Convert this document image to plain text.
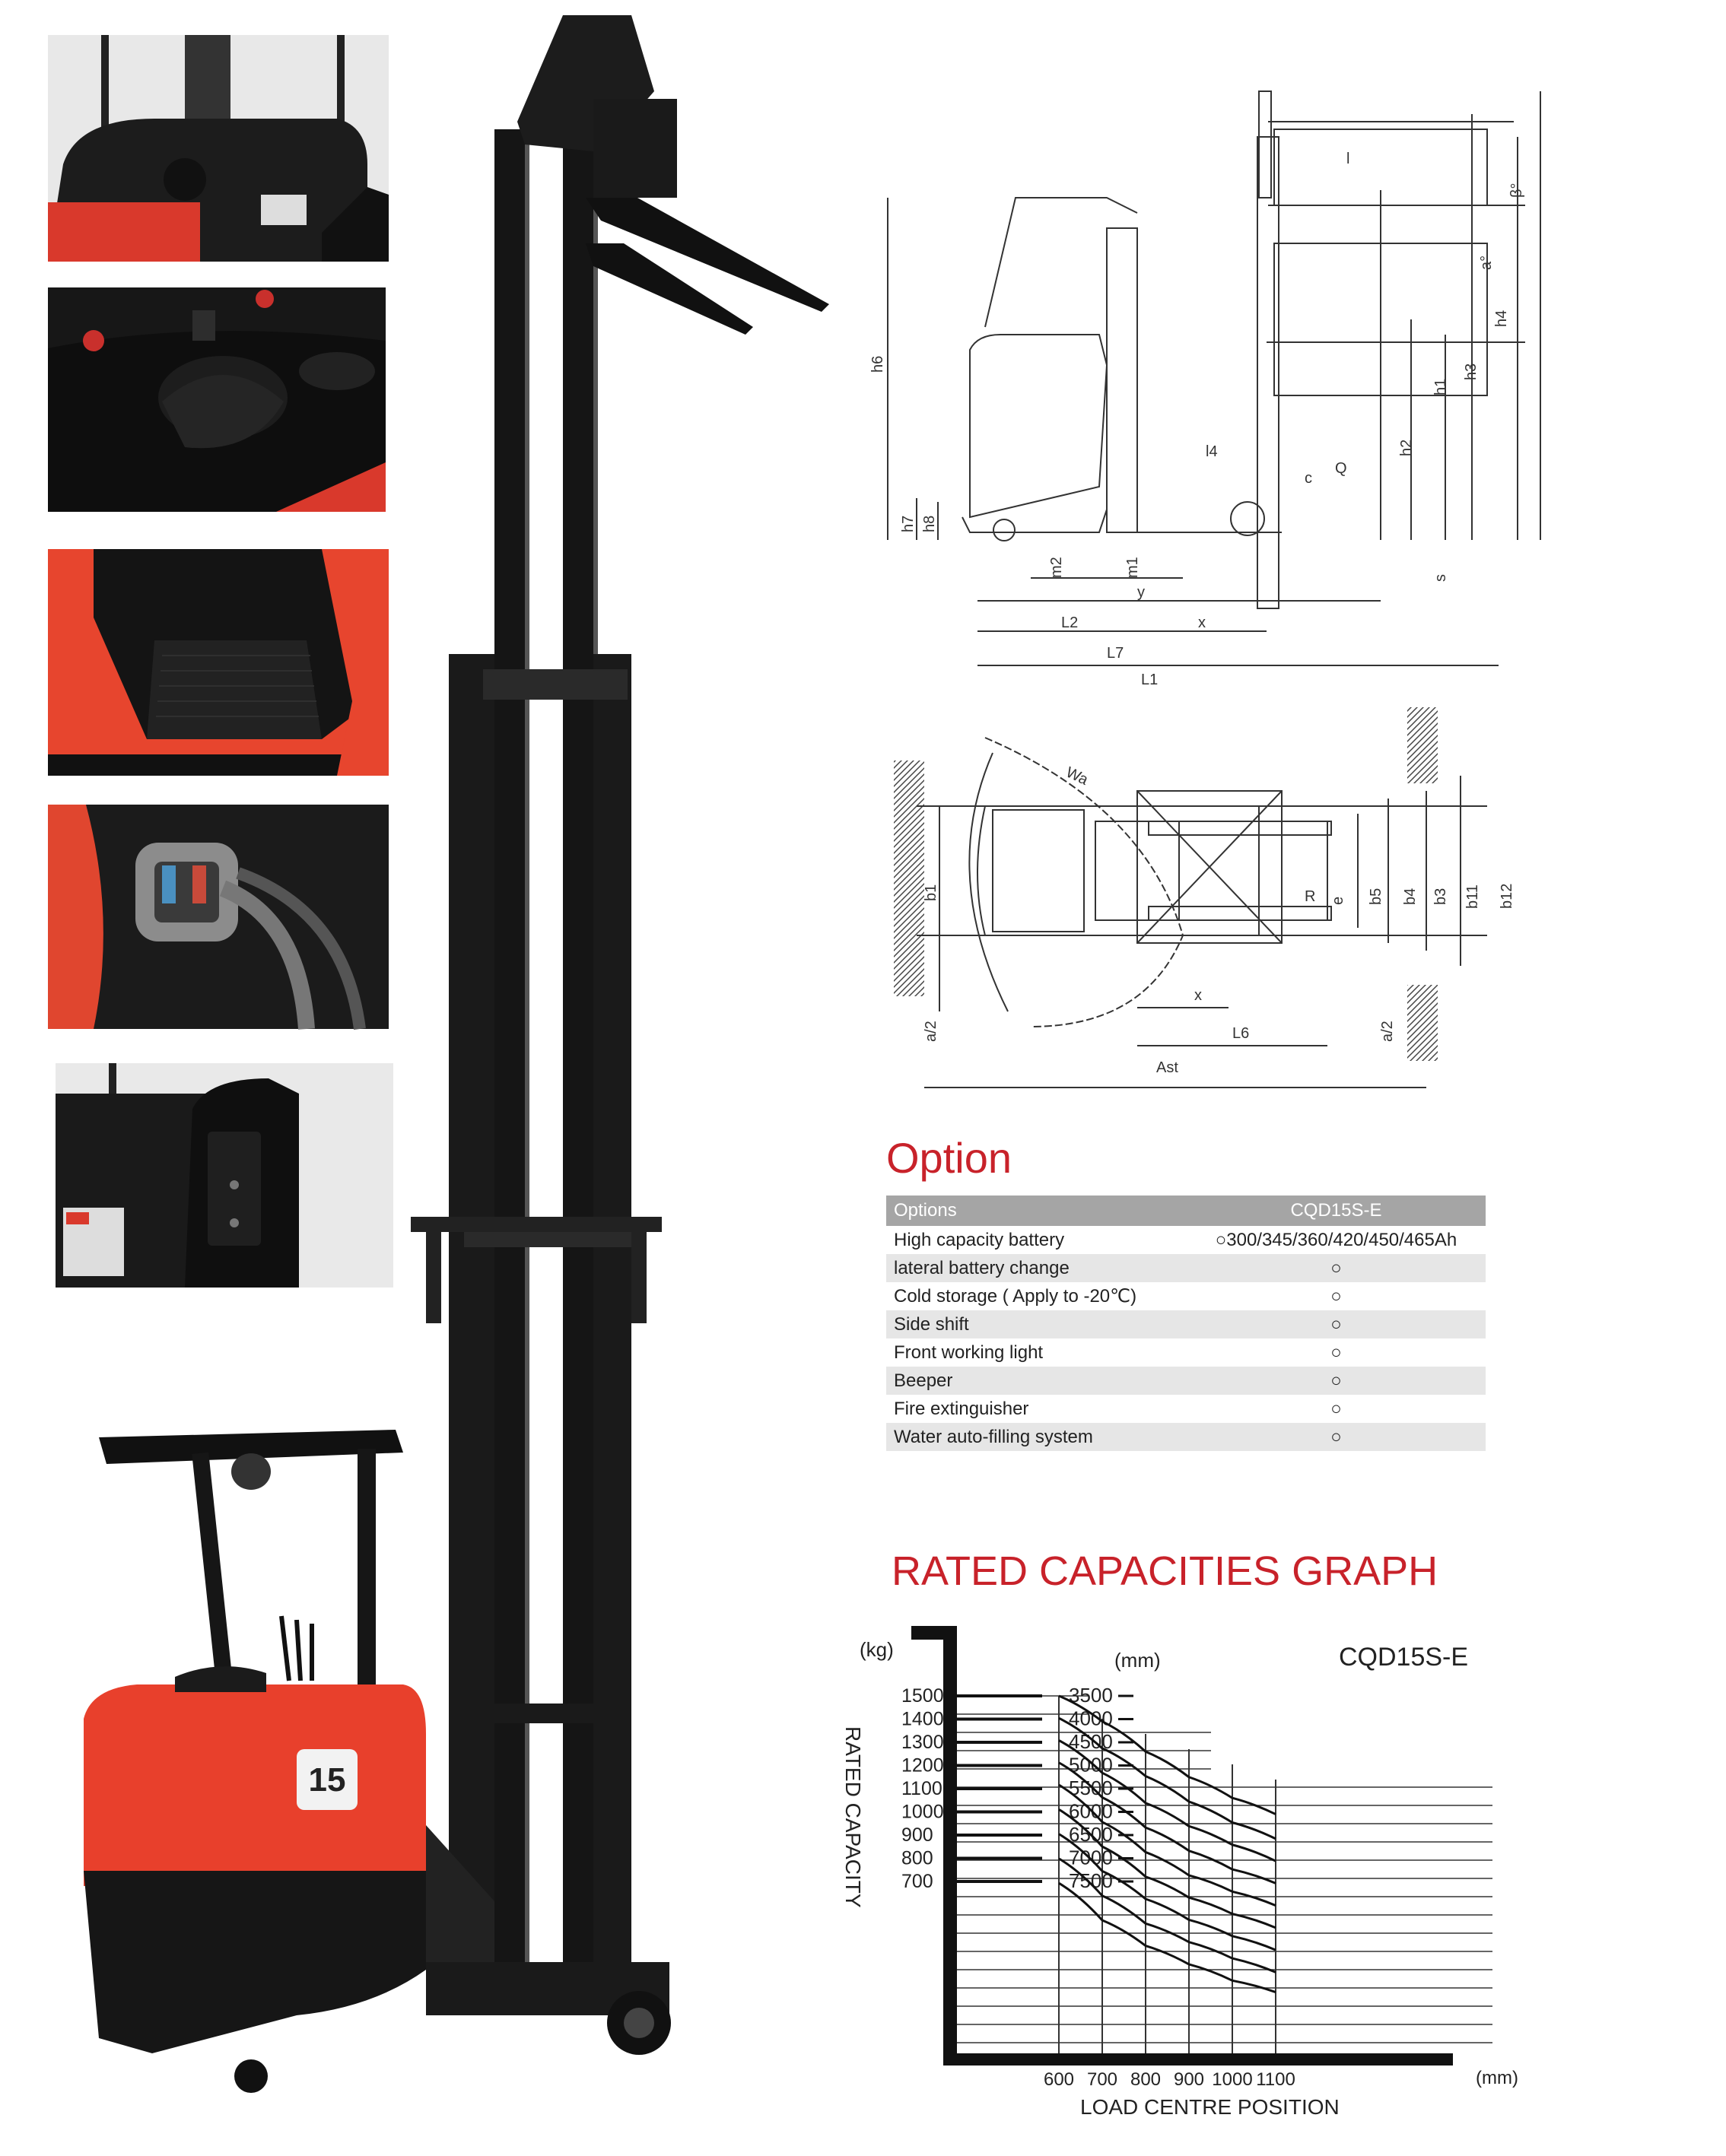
15
h6
h7 h8
m2	m1
y
L2	x
L7
L1
c
Q
l4	h2
h1
h3
h4
s
l
a°
β°
Wa
b1	R e b5 b4 b3 b11 b12
x
L6
a/2	a/2
Ast
Option
Options	CQD15S-E
High capacity battery	○300/345/360/420/450/465Ah
lateral battery change	○
Cold storage ( Apply to -20℃)	○
Side shift	○
Front working light	○
Beeper	○
Fire extinguisher	○
Water auto-filling system	○
RATED CAPACITIES GRAPH
(kg)	(mm)	CQD15S-E
RATED CAPACITY
LOAD CENTRE POSITION
(mm)
1500
1400
1300
1200
1100
1000
900
800
700
3500
4000
4500
5000
5500
6000
6500
7000
7500
600 700 800 900 1000 1100
